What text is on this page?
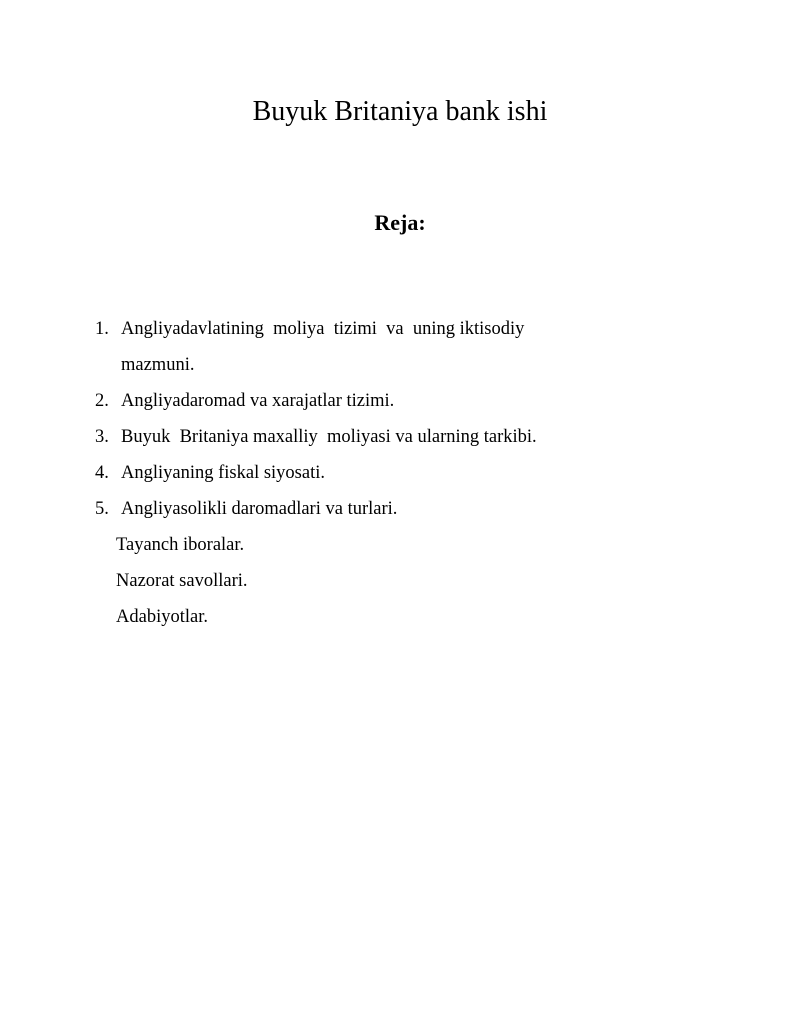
Buyuk Britaniya bank ishi
Reja:
1. Angliyadavlatining  moliya  tizimi  va  uning iktisodiy mazmuni.
2. Angliyadaromad va xarajatlar tizimi.
3. Buyuk  Britaniya maxalliy  moliyasi va ularning tarkibi.
4. Angliyaning fiskal siyosati.
5. Angliyasolikli daromadlari va turlari.
Tayanch iboralar.
Nazorat savollari.
Adabiyotlar.
